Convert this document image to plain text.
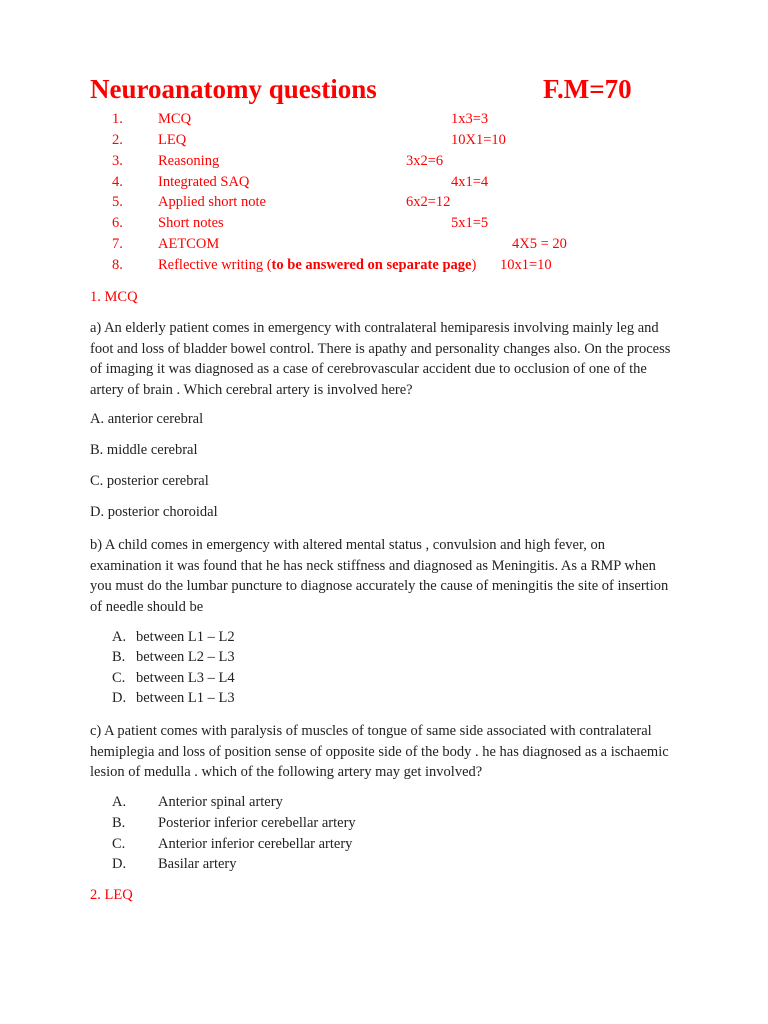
Neuroanatomy questions	F.M=70
1. MCQ	1x3=3
2. LEQ	10X1=10
3. Reasoning	3x2=6
4. Integrated SAQ	4x1=4
5. Applied short note	6x2=12
6. Short notes	5x1=5
7. AETCOM	4X5 = 20
8. Reflective writing (to be answered on separate page) 10x1=10
1. MCQ
a) An elderly patient comes in emergency with contralateral hemiparesis involving mainly leg and foot and loss of bladder bowel control. There is apathy and personality changes also. On the process of imaging it was diagnosed as a case of cerebrovascular accident due to occlusion of one of the artery of brain . Which cerebral artery is involved here?
A. anterior cerebral
B. middle cerebral
C. posterior cerebral
D. posterior choroidal
b) A child comes in emergency with altered mental status , convulsion and high fever, on examination it was found that he has neck stiffness and diagnosed as Meningitis. As a RMP when you must do the lumbar puncture to diagnose accurately the cause of meningitis the site of insertion of needle should be
A. between L1 – L2
B. between L2 – L3
C. between L3 – L4
D. between L1 – L3
c) A patient comes with paralysis of muscles of tongue of same side associated with contralateral hemiplegia and loss of position sense of opposite side of the body . he has diagnosed as a ischaemic lesion of medulla . which of the following artery may get involved?
A. Anterior spinal artery
B. Posterior inferior cerebellar artery
C. Anterior inferior cerebellar artery
D. Basilar artery
2. LEQ
